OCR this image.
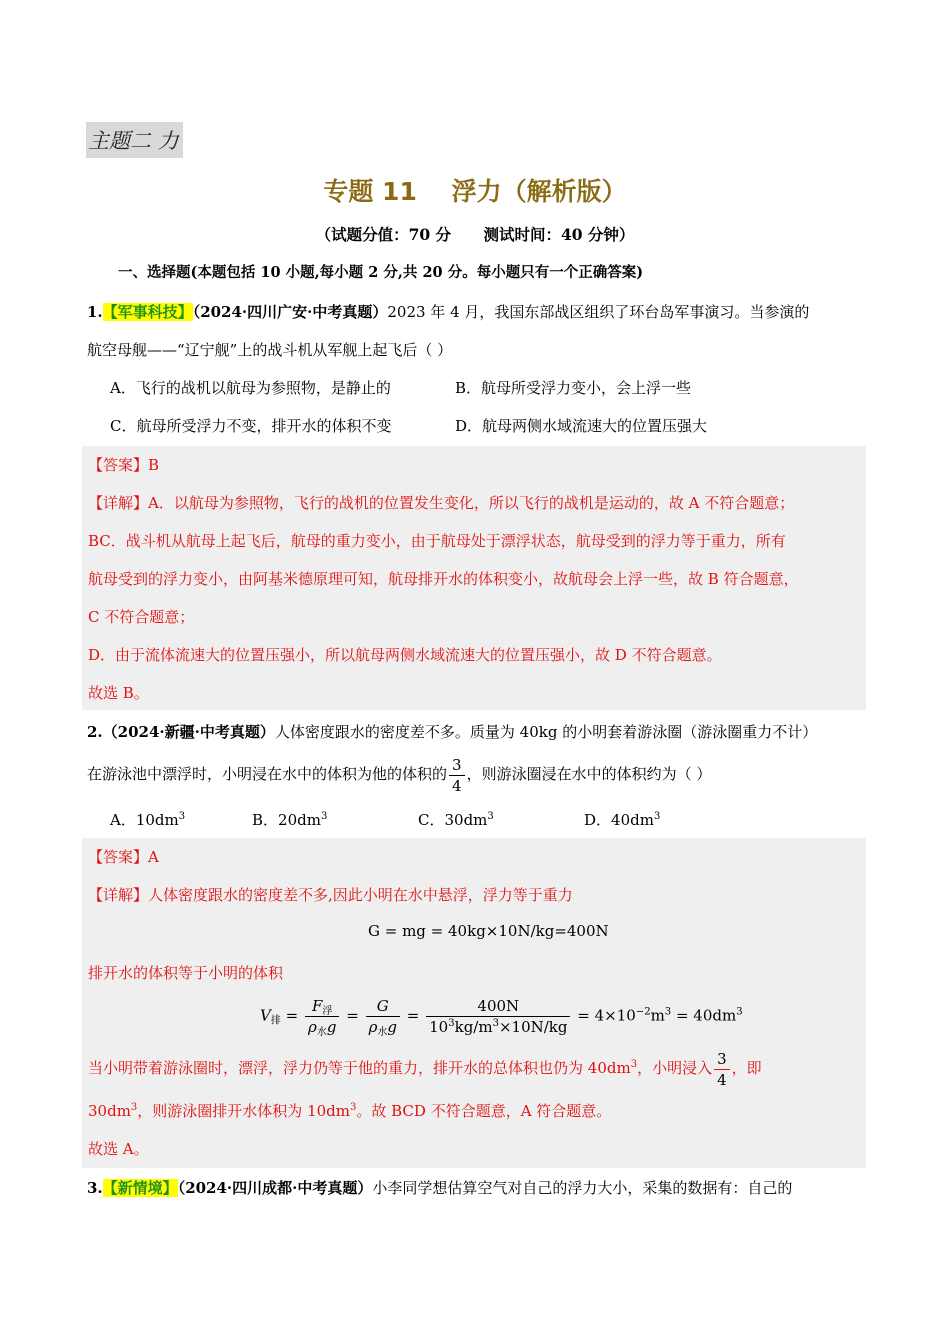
主题二 力
专题 11    浮力（解析版）
（试题分值：70 分      测试时间：40 分钟）
一、选择题(本题包括 10 小题,每小题 2 分,共 20 分。每小题只有一个正确答案)
1.【军事科技】（2024·四川广安·中考真题）2023 年 4 月，我国东部战区组织了环台岛军事演习。当参演的
航空母舰——“辽宁舰”上的战斗机从军舰上起飞后（ ）
A．飞行的战机以航母为参照物，是静止的	B．航母所受浮力变小，会上浮一些
C．航母所受浮力不变，排开水的体积不变	D．航母两侧水域流速大的位置压强大
【答案】B
【详解】A．以航母为参照物，飞行的战机的位置发生变化，所以飞行的战机是运动的，故 A 不符合题意；
BC．战斗机从航母上起飞后，航母的重力变小，由于航母处于漂浮状态，航母受到的浮力等于重力，所有
航母受到的浮力变小，由阿基米德原理可知，航母排开水的体积变小，故航母会上浮一些，故 B 符合题意，
C 不符合题意；
D．由于流体流速大的位置压强小，所以航母两侧水域流速大的位置压强小，故 D 不符合题意。
故选 B。
2.（2024·新疆·中考真题）人体密度跟水的密度差不多。质量为 40kg 的小明套着游泳圈（游泳圈重力不计）
在游泳池中漂浮时，小明浸在水中的体积为他的体积的 $\frac{3}{4}$ ，则游泳圈浸在水中的体积约为（ ）
A．$10dm^3$	B．$20dm^3$	C．$30dm^3$	D．$40dm^3$
【答案】A
【详解】人体密度跟水的密度差不多,因此小明在水中悬浮，浮力等于重力
G = mg = 40kg×10N/kg=400N
排开水的体积等于小明的体积
$V_排 = \frac{F_浮}{\rho_水g} = \frac{G}{\rho_水g} = \frac{400N}{10^3kg/m^3\times 10N/kg} = 4\times 10^{-2}m^3 = 40dm^3$
当小明带着游泳圈时，漂浮，浮力仍等于他的重力，排开水的总体积也仍为 $40dm^3$，小明浸入 $\frac{3}{4}$ ，即
$30dm^3$，则游泳圈排开水体积为 $10dm^3$。故 BCD 不符合题意，A 符合题意。
故选 A。
3.【新情境】（2024·四川成都·中考真题）小李同学想估算空气对自己的浮力大小，采集的数据有：自己的
